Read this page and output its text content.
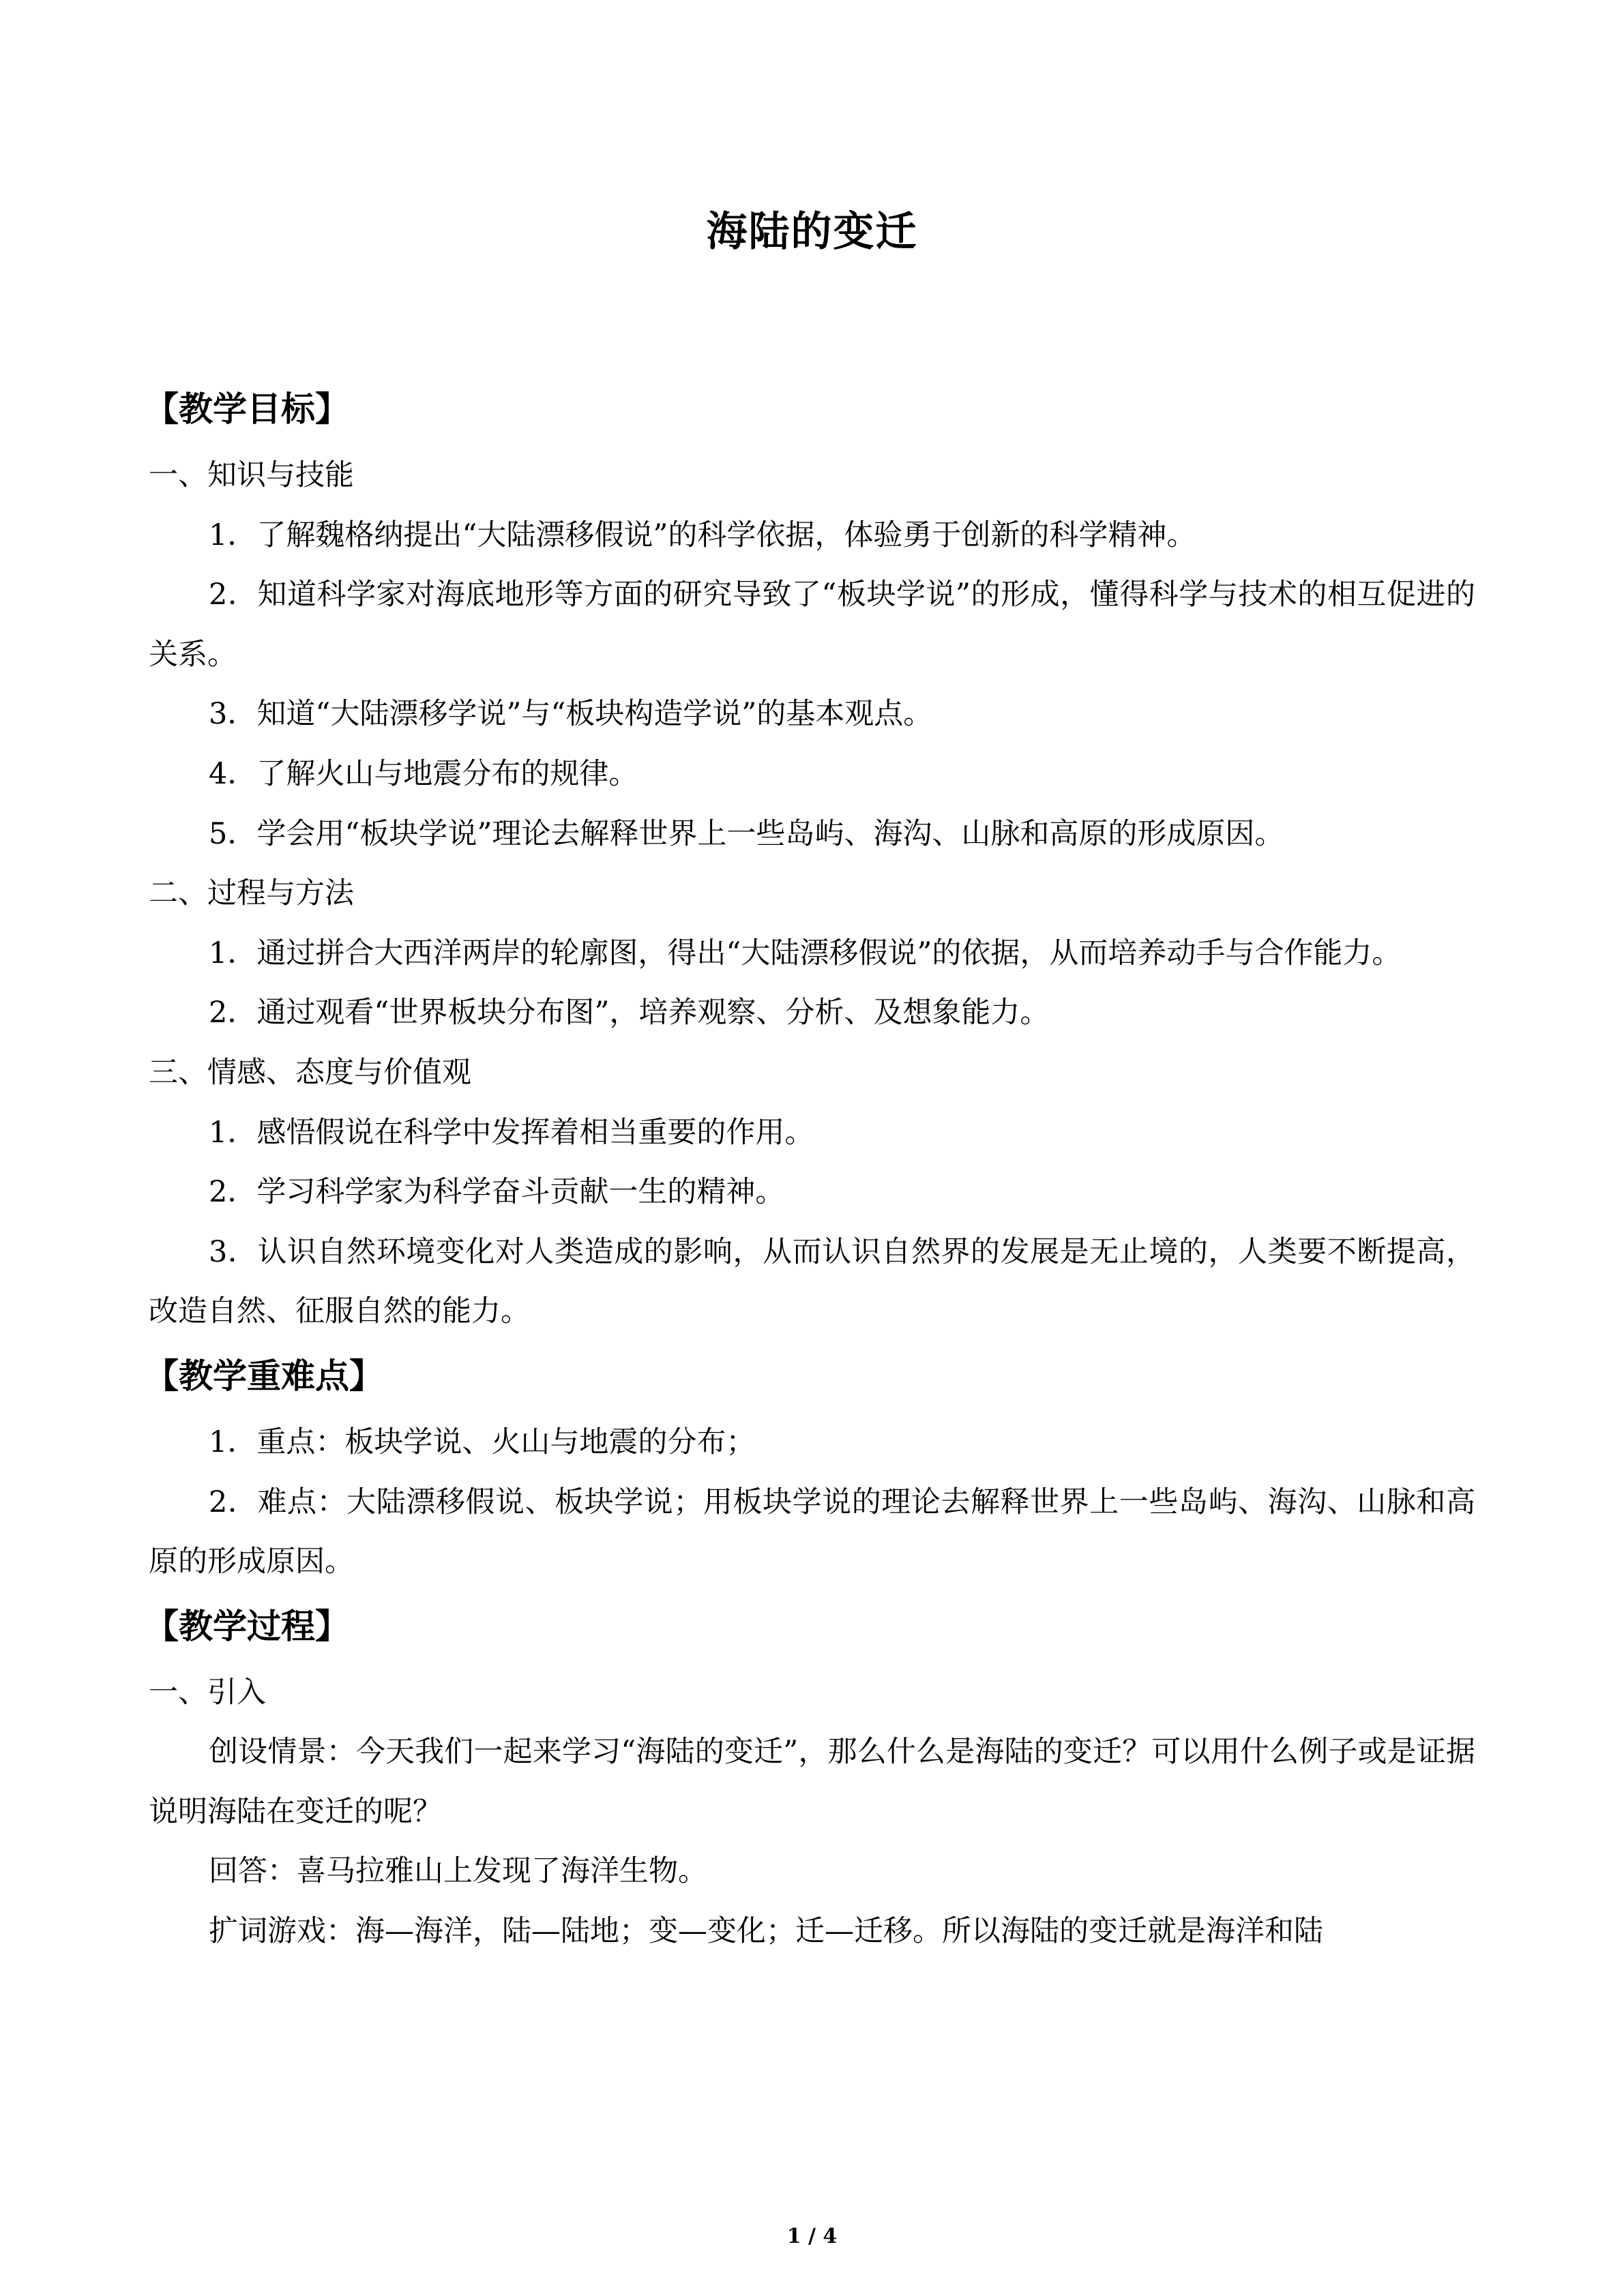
海陆的变迁
【教学目标】

一、知识与技能

1．了解魏格纳提出“大陆漂移假说”的科学依据，体验勇于创新的科学精神。

2．知道科学家对海底地形等方面的研究导致了“板块学说”的形成，懂得科学与技术的相互促进的关系。

3．知道“大陆漂移学说”与“板块构造学说”的基本观点。

4．了解火山与地震分布的规律。

5．学会用“板块学说”理论去解释世界上一些岛屿、海沟、山脉和高原的形成原因。

二、过程与方法

1．通过拼合大西洋两岸的轮廓图，得出“大陆漂移假说”的依据，从而培养动手与合作能力。

2．通过观看“世界板块分布图”，培养观察、分析、及想象能力。

三、情感、态度与价值观

1．感悟假说在科学中发挥着相当重要的作用。

2．学习科学家为科学奋斗贡献一生的精神。

3．认识自然环境变化对人类造成的影响，从而认识自然界的发展是无止境的，人类要不断提高，改造自然、征服自然的能力。

【教学重难点】

1．重点：板块学说、火山与地震的分布；

2．难点：大陆漂移假说、板块学说；用板块学说的理论去解释世界上一些岛屿、海沟、山脉和高原的形成原因。

【教学过程】

一、引入

创设情景：今天我们一起来学习“海陆的变迁”，那么什么是海陆的变迁？可以用什么例子或是证据说明海陆在变迁的呢？

回答：喜马拉雅山上发现了海洋生物。

扩词游戏：海—海洋，陆—陆地；变—变化；迁—迁移。所以海陆的变迁就是海洋和陆

1 / 4
